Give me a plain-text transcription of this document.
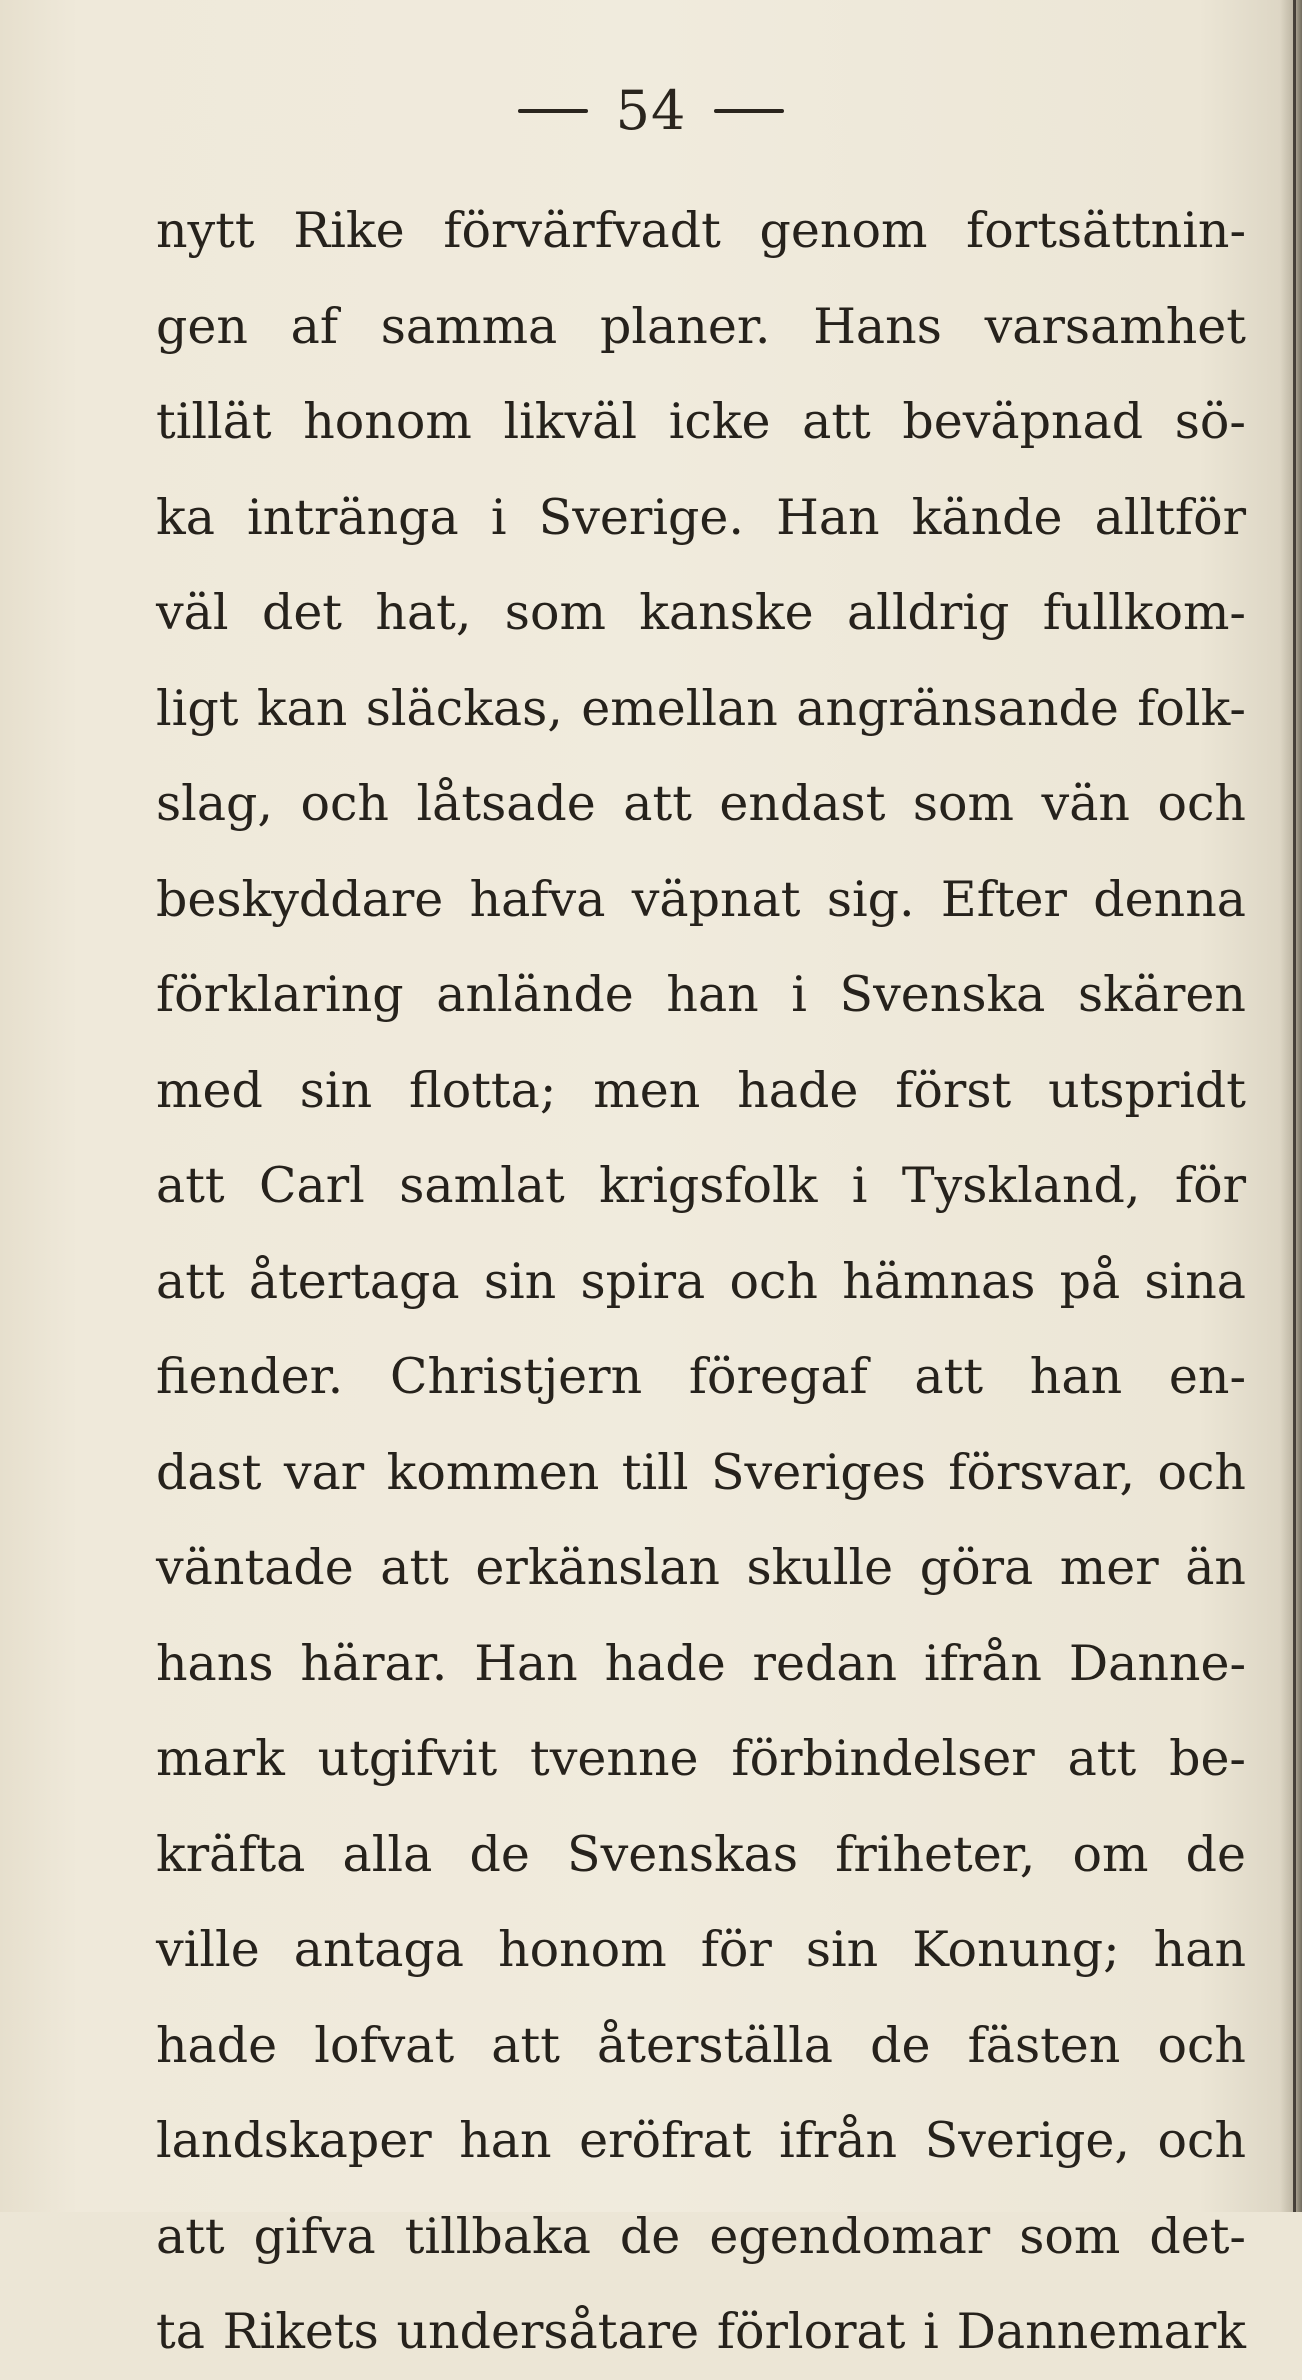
54
nytt Rike förvärfvadt genom fortsättnin-
gen af samma planer. Hans varsamhet
tillät honom likväl icke att beväpnad sö-
ka intränga i Sverige. Han kände alltför
väl det hat, som kanske alldrig fullkom-
ligt kan släckas, emellan angränsande folk-
slag, och låtsade att endast som vän och
beskyddare hafva väpnat sig. Efter denna
förklaring anlände han i Svenska skären
med sin flotta; men hade först utspridt
att Carl samlat krigsfolk i Tyskland, för
att återtaga sin spira och hämnas på sina
fiender. Christjern föregaf att han en-
dast var kommen till Sveriges försvar, och
väntade att erkänslan skulle göra mer än
hans härar. Han hade redan ifrån Danne-
mark utgifvit tvenne förbindelser att be-
kräfta alla de Svenskas friheter, om de
ville antaga honom för sin Konung; han
hade lofvat att återställa de fästen och
landskaper han eröfrat ifrån Sverige, och
att gifva tillbaka de egendomar som det-
ta Rikets undersåtare förlorat i Dannemark
